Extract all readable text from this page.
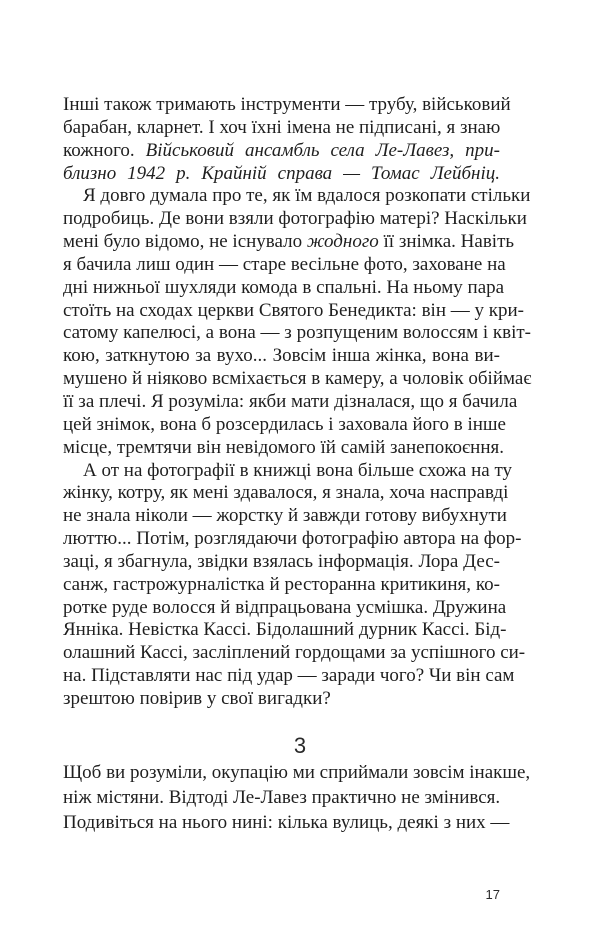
Інші також тримають інструменти — трубу, військовий
барабан, кларнет. І хоч їхні імена не підписані, я знаю
кожного. Військовий ансамбль села Ле-Лавез, при-
близно 1942 р. Крайній справа — Томас Лейбніц.
Я довго думала про те, як їм вдалося розкопати стільки
подробиць. Де вони взяли фотографію матері? Наскільки
мені було відомо, не існувало жодного її знімка. Навіть
я бачила лиш один — старе весільне фото, заховане на
дні нижньої шухляди комода в спальні. На ньому пара
стоїть на сходах церкви Святого Бенедикта: він — у кри-
сатому капелюсі, а вона — з розпущеним волоссям і квіт-
кою, заткнутою за вухо... Зовсім інша жінка, вона ви-
мушено й ніяково всміхається в камеру, а чоловік обіймає
її за плечі. Я розуміла: якби мати дізналася, що я бачила
цей знімок, вона б розсердилась і заховала його в інше
місце, тремтячи він невідомого їй самій занепокоєння.
А от на фотографії в книжці вона більше схожа на ту
жінку, котру, як мені здавалося, я знала, хоча насправді
не знала ніколи — жорстку й завжди готову вибухнути
люттю... Потім, розглядаючи фотографію автора на фор-
заці, я збагнула, звідки взялась інформація. Лора Дес-
санж, гастрожурналістка й ресторанна критикиня, ко-
ротке руде волосся й відпрацьована усмішка. Дружина
Янніка. Невістка Кассі. Бідолашний дурник Кассі. Бід-
олашний Кассі, засліплений гордощами за успішного си-
на. Підставляти нас під удар — заради чого? Чи він сам
зрештою повірив у свої вигадки?
3
Щоб ви розуміли, окупацію ми сприймали зовсім інакше,
ніж містяни. Відтоді Ле-Лавез практично не змінився.
Подивіться на нього нині: кілька вулиць, деякі з них —
17
